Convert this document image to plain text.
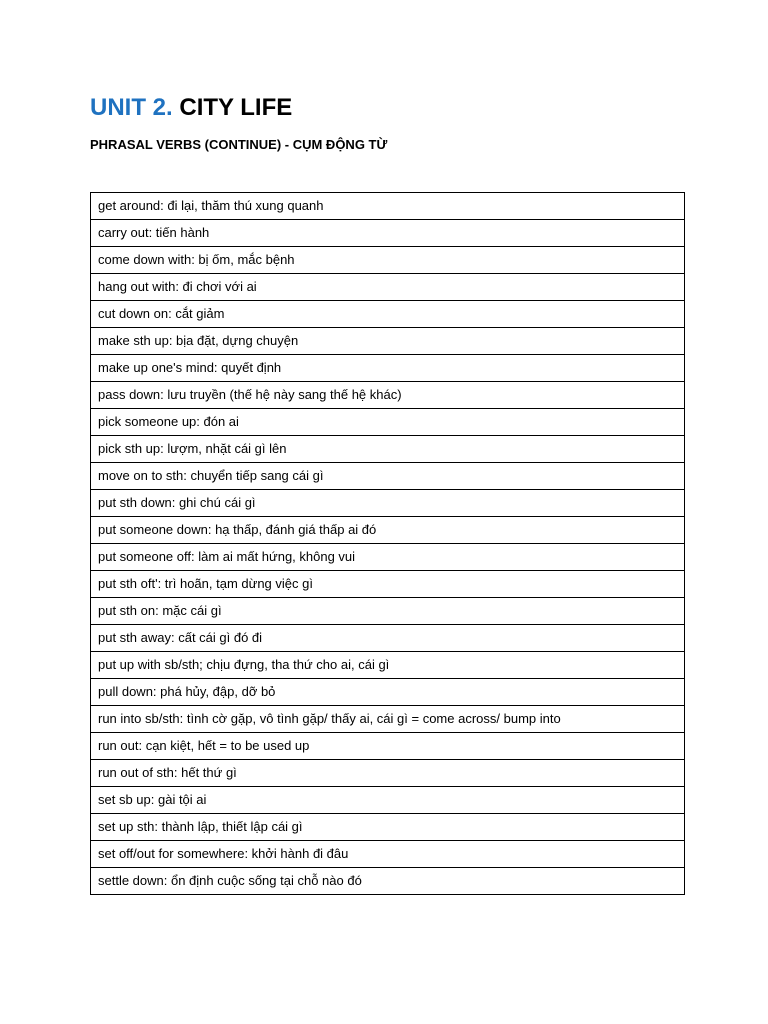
UNIT 2. CITY LIFE

PHRASAL VERBS (CONTINUE) - CỤM ĐỘNG TỪ

get around: đi lại, thăm thú xung quanh
carry out: tiến hành
come down with: bị ốm, mắc bệnh
hang out with: đi chơi với ai
cut down on: cắt giảm
make sth up: bịa đặt, dựng chuyện
make up one's mind: quyết định
pass down: lưu truyền (thế hệ này sang thế hệ khác)
pick someone up: đón ai
pick sth up: lượm, nhặt cái gì lên
move on to sth: chuyển tiếp sang cái gì
put sth down: ghi chú cái gì
put someone down: hạ thấp, đánh giá thấp ai đó
put someone off: làm ai mất hứng, không vui
put sth oft': trì hoãn, tạm dừng việc gì
put sth on: mặc cái gì
put sth away: cất cái gì đó đi
put up with sb/sth; chịu đựng, tha thứ cho ai, cái gì
pull down: phá hủy, đập, dỡ bỏ
run into sb/sth: tình cờ gặp, vô tình gặp/ thấy ai, cái gì = come across/ bump into
run out: cạn kiệt, hết = to be used up
run out of sth: hết thứ gì
set sb up: gài tội ai
set up sth: thành lập, thiết lập cái gì
set off/out for somewhere: khởi hành đi đâu
settle down: ổn định cuộc sống tại chỗ nào đó
